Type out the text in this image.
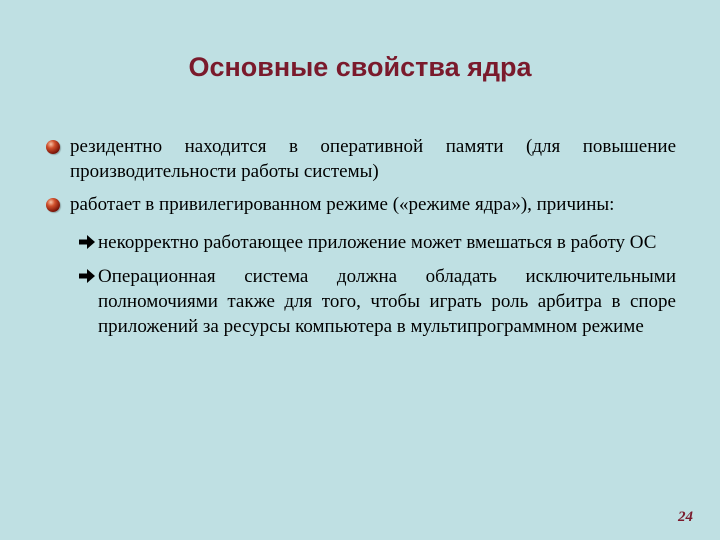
Основные свойства ядра
резидентно находится в оперативной памяти (для повышение производительности работы системы)
работает в привилегированном режиме («режиме ядра»), причины:
некорректно работающее приложение может вмешаться в работу ОС
Операционная система должна обладать исключительными полномочиями также для того, чтобы играть роль арбитра в споре приложений за ресурсы компьютера в мультипрограммном режиме
24
